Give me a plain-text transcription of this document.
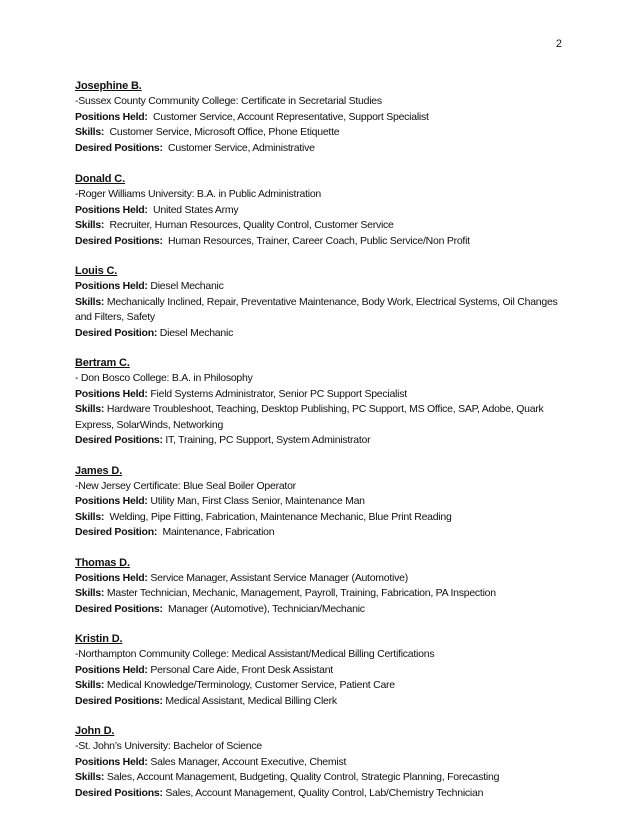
2
Josephine B.
-Sussex County Community College: Certificate in Secretarial Studies
Positions Held: Customer Service, Account Representative, Support Specialist
Skills: Customer Service, Microsoft Office, Phone Etiquette
Desired Positions: Customer Service, Administrative
Donald C.
-Roger Williams University: B.A. in Public Administration
Positions Held: United States Army
Skills: Recruiter, Human Resources, Quality Control, Customer Service
Desired Positions: Human Resources, Trainer, Career Coach, Public Service/Non Profit
Louis C.
Positions Held: Diesel Mechanic
Skills: Mechanically Inclined, Repair, Preventative Maintenance, Body Work, Electrical Systems, Oil Changes and Filters, Safety
Desired Position: Diesel Mechanic
Bertram C.
- Don Bosco College: B.A. in Philosophy
Positions Held: Field Systems Administrator, Senior PC Support Specialist
Skills: Hardware Troubleshoot, Teaching, Desktop Publishing, PC Support, MS Office, SAP, Adobe, Quark Express, SolarWinds, Networking
Desired Positions: IT, Training, PC Support, System Administrator
James D.
-New Jersey Certificate: Blue Seal Boiler Operator
Positions Held: Utility Man, First Class Senior, Maintenance Man
Skills: Welding, Pipe Fitting, Fabrication, Maintenance Mechanic, Blue Print Reading
Desired Position: Maintenance, Fabrication
Thomas D.
Positions Held: Service Manager, Assistant Service Manager (Automotive)
Skills: Master Technician, Mechanic, Management, Payroll, Training, Fabrication, PA Inspection
Desired Positions: Manager (Automotive), Technician/Mechanic
Kristin D.
-Northampton Community College: Medical Assistant/Medical Billing Certifications
Positions Held: Personal Care Aide, Front Desk Assistant
Skills: Medical Knowledge/Terminology, Customer Service, Patient Care
Desired Positions: Medical Assistant, Medical Billing Clerk
John D.
-St. John’s University: Bachelor of Science
Positions Held: Sales Manager, Account Executive, Chemist
Skills: Sales, Account Management, Budgeting, Quality Control, Strategic Planning, Forecasting
Desired Positions: Sales, Account Management, Quality Control, Lab/Chemistry Technician
